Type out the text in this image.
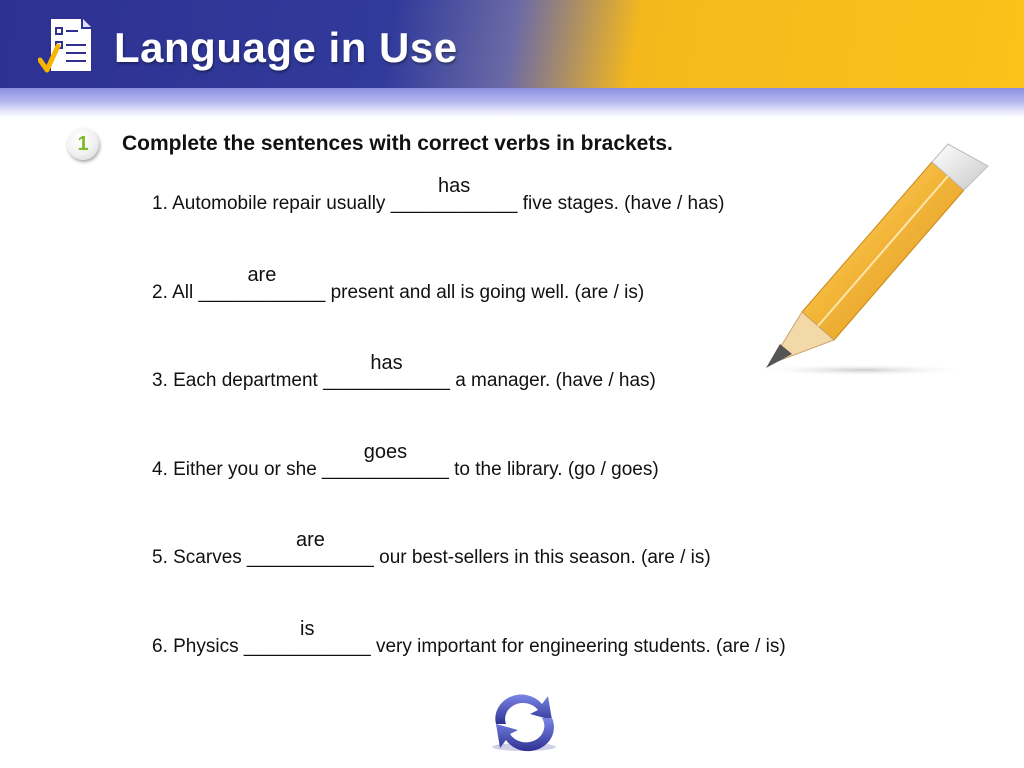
Language in Use
1 Complete the sentences with correct verbs in brackets.
1. Automobile repair usually ____________
has
five stages. (have / has)
2. All ____________
are
present and all is going well. (are / is)
3. Each department ____________
has
a manager. (have / has)
4. Either you or she ____________
goes
to the library. (go / goes)
5. Scarves ____________
are
our best-sellers in this season. (are / is)
6. Physics ____________
is
very important for engineering students. (are / is)
